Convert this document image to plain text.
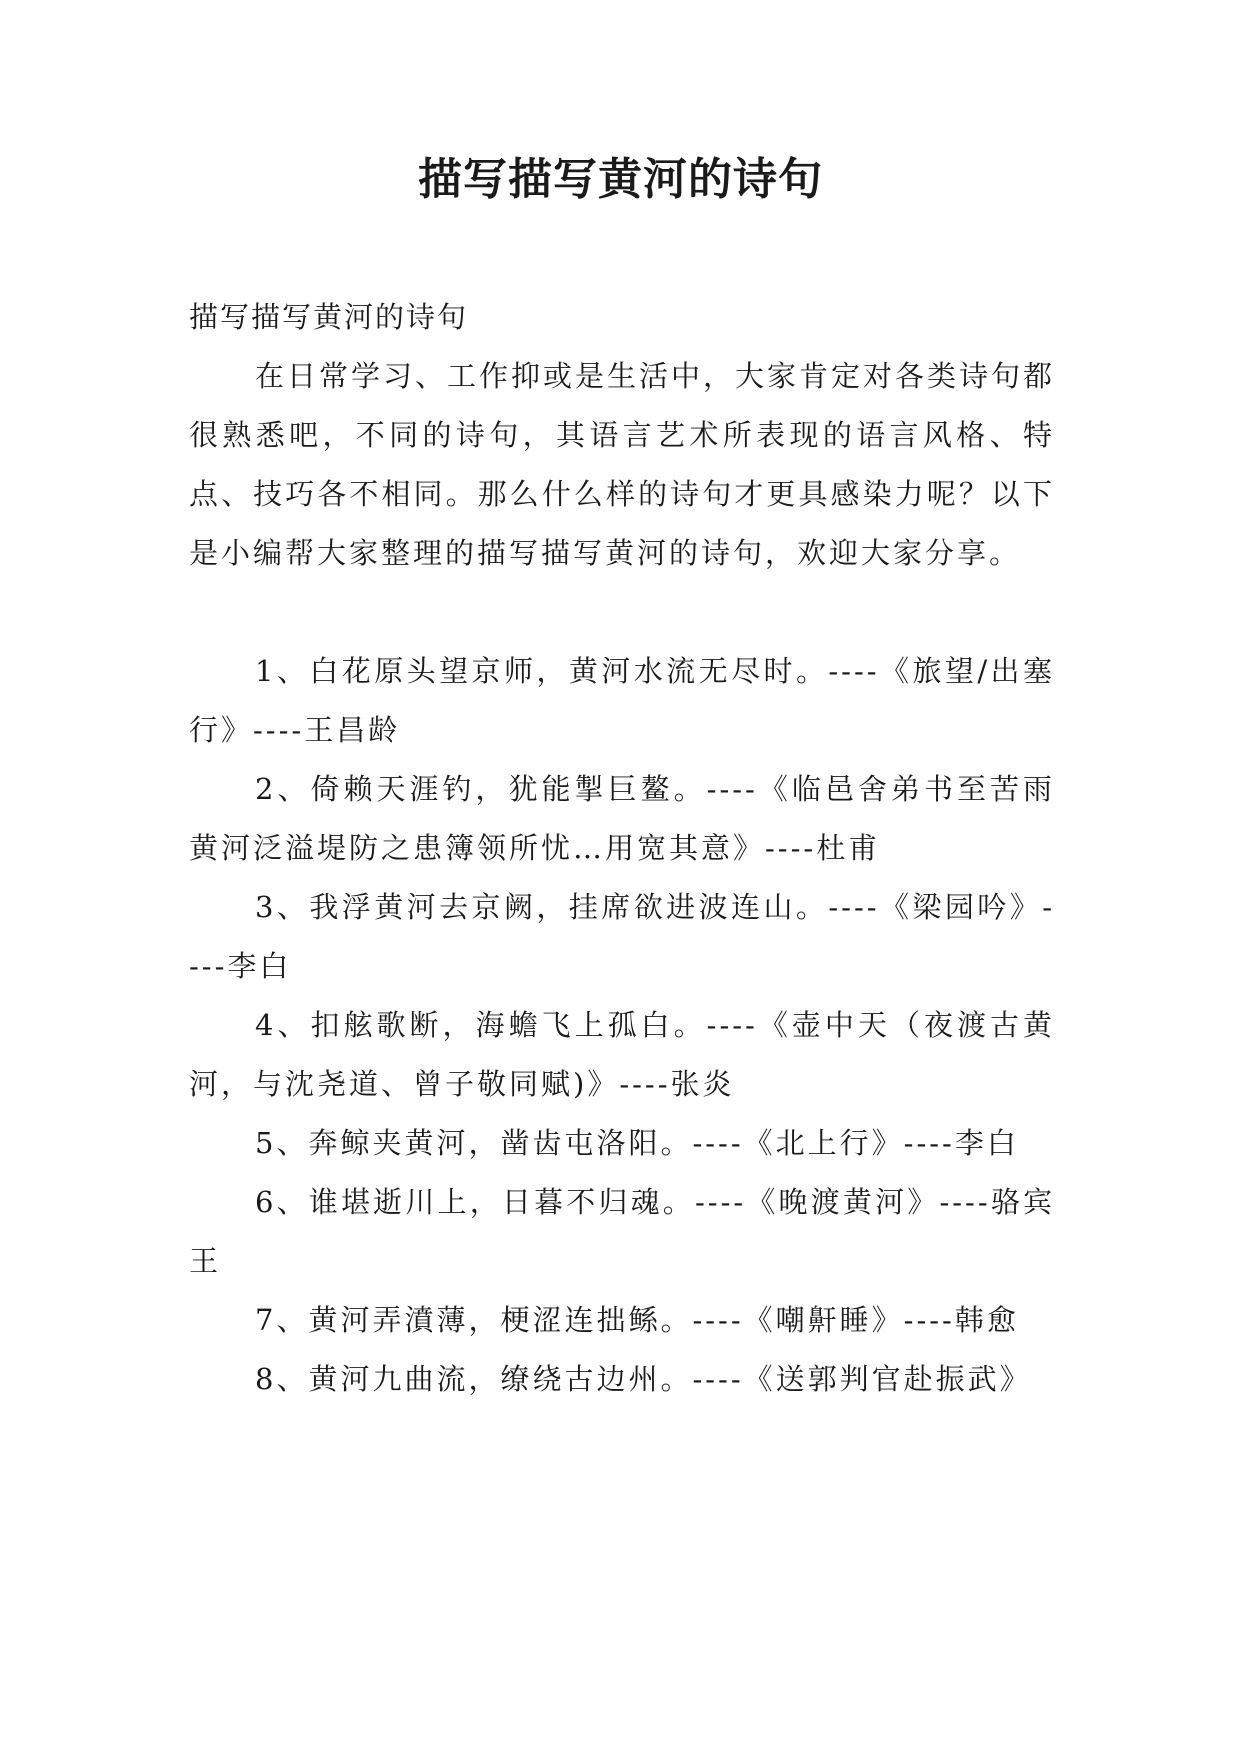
描写描写黄河的诗句

描写描写黄河的诗句

在日常学习、工作抑或是生活中，大家肯定对各类诗句都很熟悉吧，不同的诗句，其语言艺术所表现的语言风格、特点、技巧各不相同。那么什么样的诗句才更具感染力呢？以下是小编帮大家整理的描写描写黄河的诗句，欢迎大家分享。

1、白花原头望京师，黄河水流无尽时。----《旅望/出塞行》----王昌龄

2、倚赖天涯钓，犹能掣巨鳌。----《临邑舍弟书至苦雨黄河泛溢堤防之患簿领所忧…用宽其意》----杜甫

3、我浮黄河去京阙，挂席欲进波连山。----《梁园吟》----李白

4、扣舷歌断，海蟾飞上孤白。----《壶中天（夜渡古黄河，与沈尧道、曾子敬同赋)》----张炎

5、奔鲸夹黄河，凿齿屯洛阳。----《北上行》----李白

6、谁堪逝川上，日暮不归魂。----《晚渡黄河》----骆宾王

7、黄河弄濆薄，梗涩连拙鲧。----《嘲鼾睡》----韩愈

8、黄河九曲流，缭绕古边州。----《送郭判官赴振武》
